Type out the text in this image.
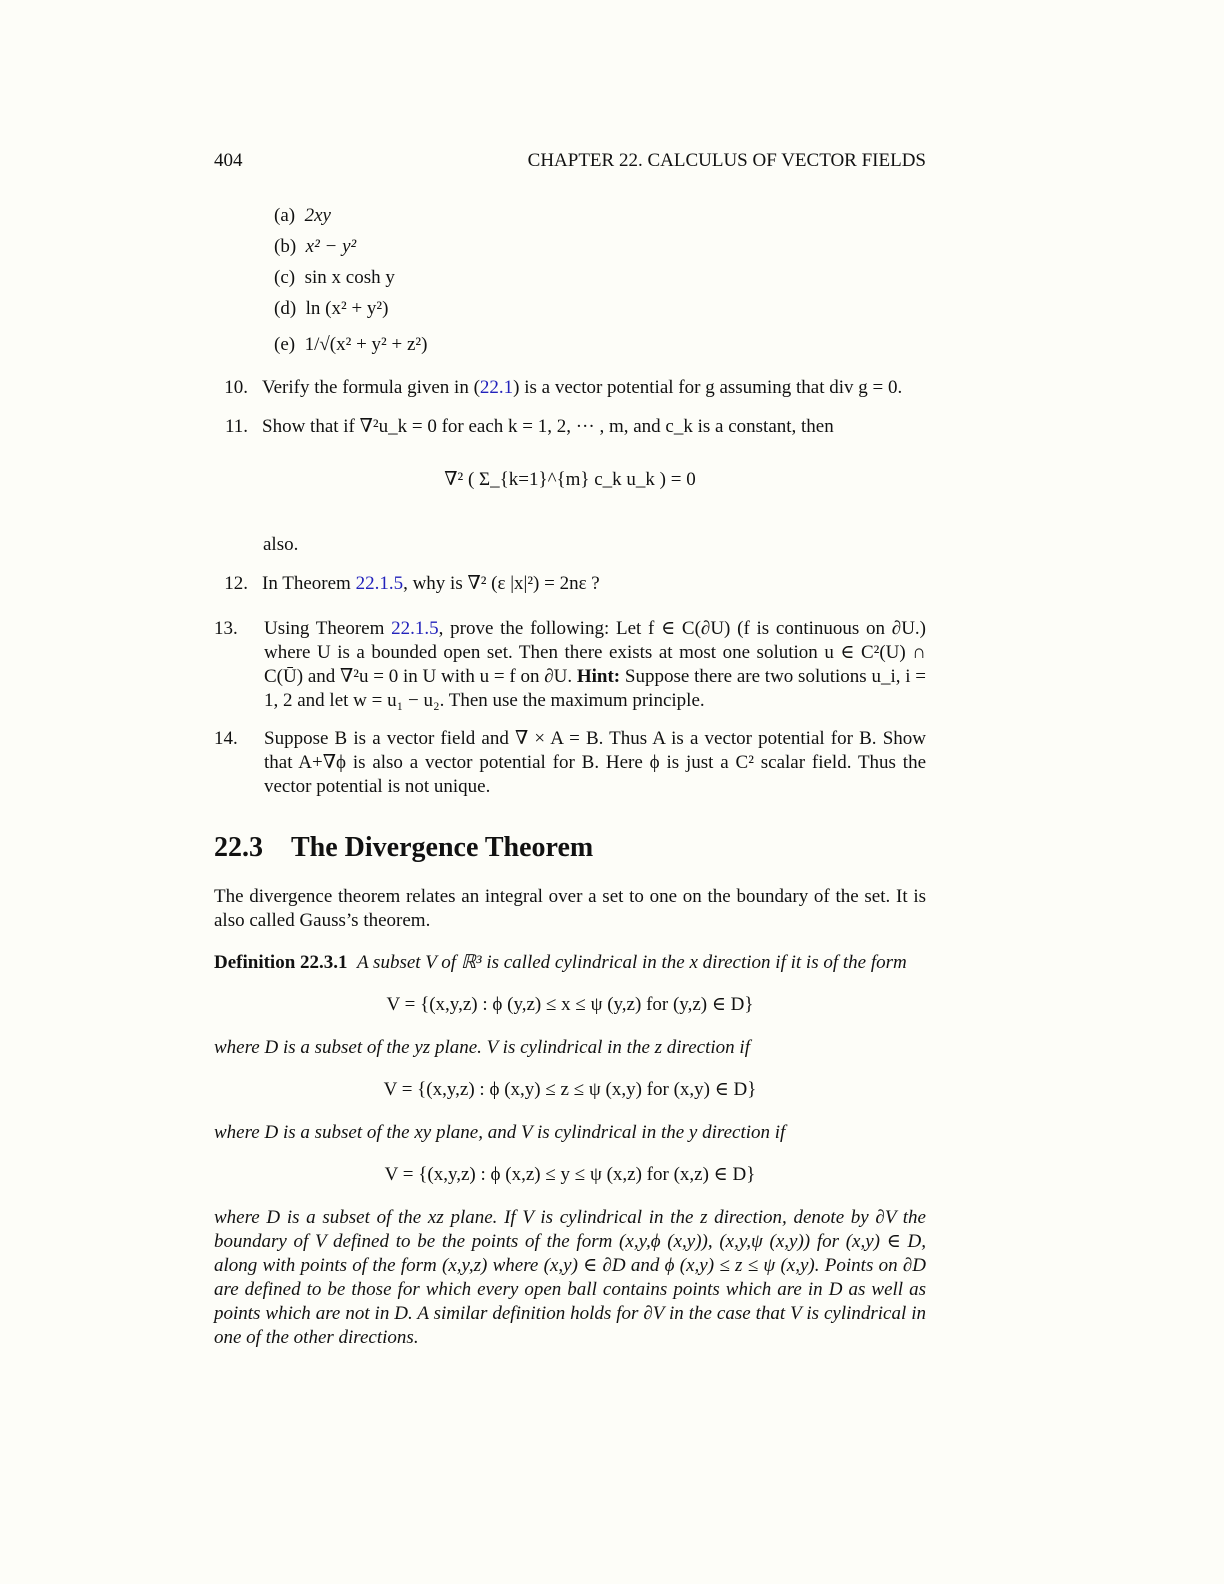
404	CHAPTER 22. CALCULUS OF VECTOR FIELDS
(a) 2xy
(b) x² − y²
(c) sin x cosh y
(d) ln (x² + y²)
(e) 1/√(x² + y² + z²)
10. Verify the formula given in (22.1) is a vector potential for g assuming that div g = 0.
11. Show that if ∇²u_k = 0 for each k = 1, 2, ··· , m, and c_k is a constant, then
∇² ( Σ_{k=1}^{m} c_k u_k ) = 0
also.
12. In Theorem 22.1.5, why is ∇² (ε |x|²) = 2nε ?
13. Using Theorem 22.1.5, prove the following: Let f ∈ C(∂U) (f is continuous on ∂U.) where U is a bounded open set. Then there exists at most one solution u ∈ C²(U) ∩ C(Ū) and ∇²u = 0 in U with u = f on ∂U. Hint: Suppose there are two solutions u_i, i = 1, 2 and let w = u₁ − u₂. Then use the maximum principle.
14. Suppose B is a vector field and ∇ × A = B. Thus A is a vector potential for B. Show that A+∇ϕ is also a vector potential for B. Here ϕ is just a C² scalar field. Thus the vector potential is not unique.
22.3 The Divergence Theorem
The divergence theorem relates an integral over a set to one on the boundary of the set. It is also called Gauss’s theorem.
Definition 22.3.1 A subset V of ℝ³ is called cylindrical in the x direction if it is of the form
V = {(x,y,z) : ϕ (y,z) ≤ x ≤ ψ (y,z) for (y,z) ∈ D}
where D is a subset of the yz plane. V is cylindrical in the z direction if
V = {(x,y,z) : ϕ (x,y) ≤ z ≤ ψ (x,y) for (x,y) ∈ D}
where D is a subset of the xy plane, and V is cylindrical in the y direction if
V = {(x,y,z) : ϕ (x,z) ≤ y ≤ ψ (x,z) for (x,z) ∈ D}
where D is a subset of the xz plane. If V is cylindrical in the z direction, denote by ∂V the boundary of V defined to be the points of the form (x,y,ϕ (x,y)), (x,y,ψ (x,y)) for (x,y) ∈ D, along with points of the form (x,y,z) where (x,y) ∈ ∂D and ϕ (x,y) ≤ z ≤ ψ (x,y). Points on ∂D are defined to be those for which every open ball contains points which are in D as well as points which are not in D. A similar definition holds for ∂V in the case that V is cylindrical in one of the other directions.
